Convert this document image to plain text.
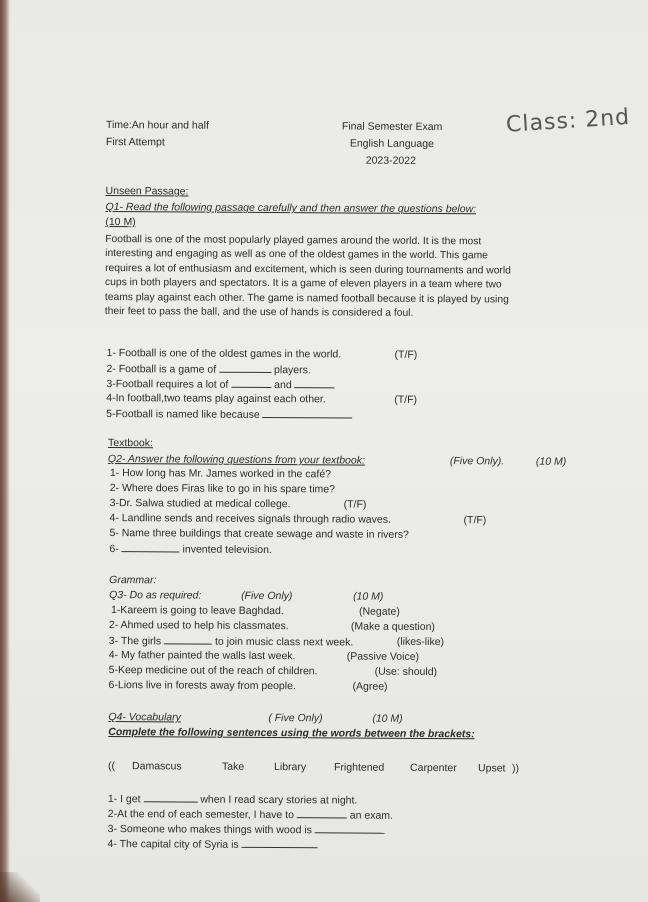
Time:An hour and half
First Attempt
Final Semester Exam
English Language
2023-2022
Class: 2nd
Unseen Passage:
Q1- Read the following passage carefully and then answer the questions below:
(10 M)
Football is one of the most popularly played games around the world. It is the most
interesting and engaging as well as one of the oldest games in the world. This game
requires a lot of enthusiasm and excitement, which is seen during tournaments and world
cups in both players and spectators. It is a game of eleven players in a team where two
teams play against each other. The game is named football because it is played by using
their feet to pass the ball, and the use of hands is considered a foul.
1- Football is one of the oldest games in the world.	(T/F)
2- Football is a game of	players.
3-Football requires a lot of	and
4-In football,two teams play against each other.	(T/F)
5-Football is named like because
Textbook:
Q2- Answer the following questions from your textbook:	(Five Only).	(10 M)
1- How long has Mr. James worked in the café?
2- Where does Firas like to go in his spare time?
3-Dr. Salwa studied at medical college.	(T/F)
4- Landline sends and receives signals through radio waves.	(T/F)
5- Name three buildings that create sewage and waste in rivers?
6-	invented television.
Grammar:
Q3- Do as required:	(Five Only)	(10 M)
1-Kareem is going to leave Baghdad.	(Negate)
2- Ahmed used to help his classmates.	(Make a question)
3- The girls	to join music class next week.	(likes-like)
4- My father painted the walls last week.	(Passive Voice)
5-Keep medicine out of the reach of children.	(Use: should)
6-Lions live in forests away from people.	(Agree)
Q4- Vocabulary	( Five Only)	(10 M)
Complete the following sentences using the words between the brackets:
(( Damascus	Take	Library	Frightened Carpenter Upset ))
1- I get	when I read scary stories at night.
2-At the end of each semester, I have to	an exam.
3- Someone who makes things with wood is
4- The capital city of Syria is
